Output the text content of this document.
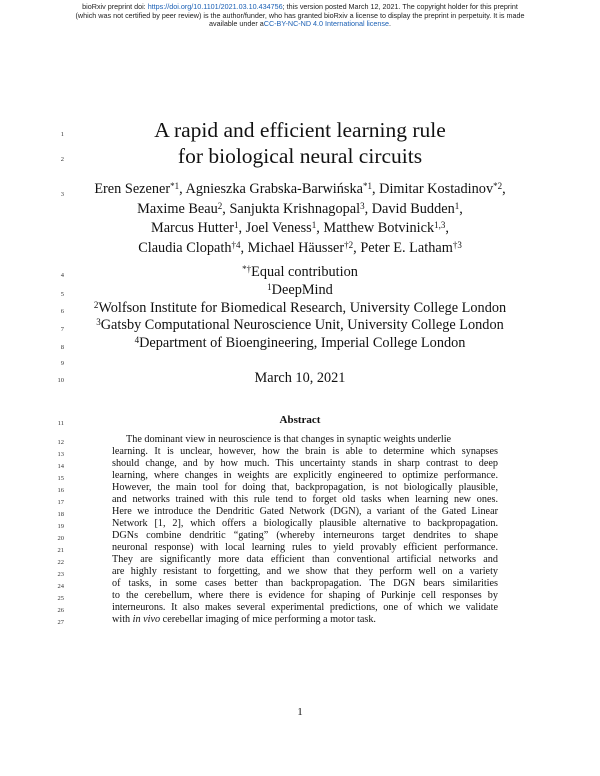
bioRxiv preprint doi: https://doi.org/10.1101/2021.03.10.434756; this version posted March 12, 2021. The copyright holder for this preprint
(which was not certified by peer review) is the author/funder, who has granted bioRxiv a license to display the preprint in perpetuity. It is made
available under aCC-BY-NC-ND 4.0 International license.
1
2
3
4
5
6
7
8
9
10
11
12
13
14
15
16
17
18
19
20
21
22
23
24
25
26
27
A rapid and efficient learning rule
for biological neural circuits
Eren Sezener$^{*1}$, Agnieszka Grabska-Barwińska$^{*1}$, Dimitar Kostadinov$^{*2}$,
Maxime Beau$^2$, Sanjukta Krishnagopal$^3$, David Budden$^1$,
Marcus Hutter$^1$, Joel Veness$^1$, Matthew Botvinick$^{1,3}$,
Claudia Clopath$^{\dagger 4}$, Michael Häusser$^{\dagger 2}$, Peter E. Latham$^{\dagger 3}$
*†Equal contribution
$^1$DeepMind
$^2$Wolfson Institute for Biomedical Research, University College London
$^3$Gatsby Computational Neuroscience Unit, University College London
$^4$Department of Bioengineering, Imperial College London
March 10, 2021
Abstract
The dominant view in neuroscience is that changes in synaptic weights underlie
learning. It is unclear, however, how the brain is able to determine which synapses
should change, and by how much. This uncertainty stands in sharp contrast to deep
learning, where changes in weights are explicitly engineered to optimize performance.
However, the main tool for doing that, backpropagation, is not biologically plausible,
and networks trained with this rule tend to forget old tasks when learning new ones.
Here we introduce the Dendritic Gated Network (DGN), a variant of the Gated Linear
Network [1, 2], which offers a biologically plausible alternative to backpropagation.
DGNs combine dendritic “gating” (whereby interneurons target dendrites to shape
neuronal response) with local learning rules to yield provably efficient performance.
They are significantly more data efficient than conventional artificial networks and
are highly resistant to forgetting, and we show that they perform well on a variety
of tasks, in some cases better than backpropagation. The DGN bears similarities
to the cerebellum, where there is evidence for shaping of Purkinje cell responses by
interneurons. It also makes several experimental predictions, one of which we validate
with in vivo cerebellar imaging of mice performing a motor task.
1
